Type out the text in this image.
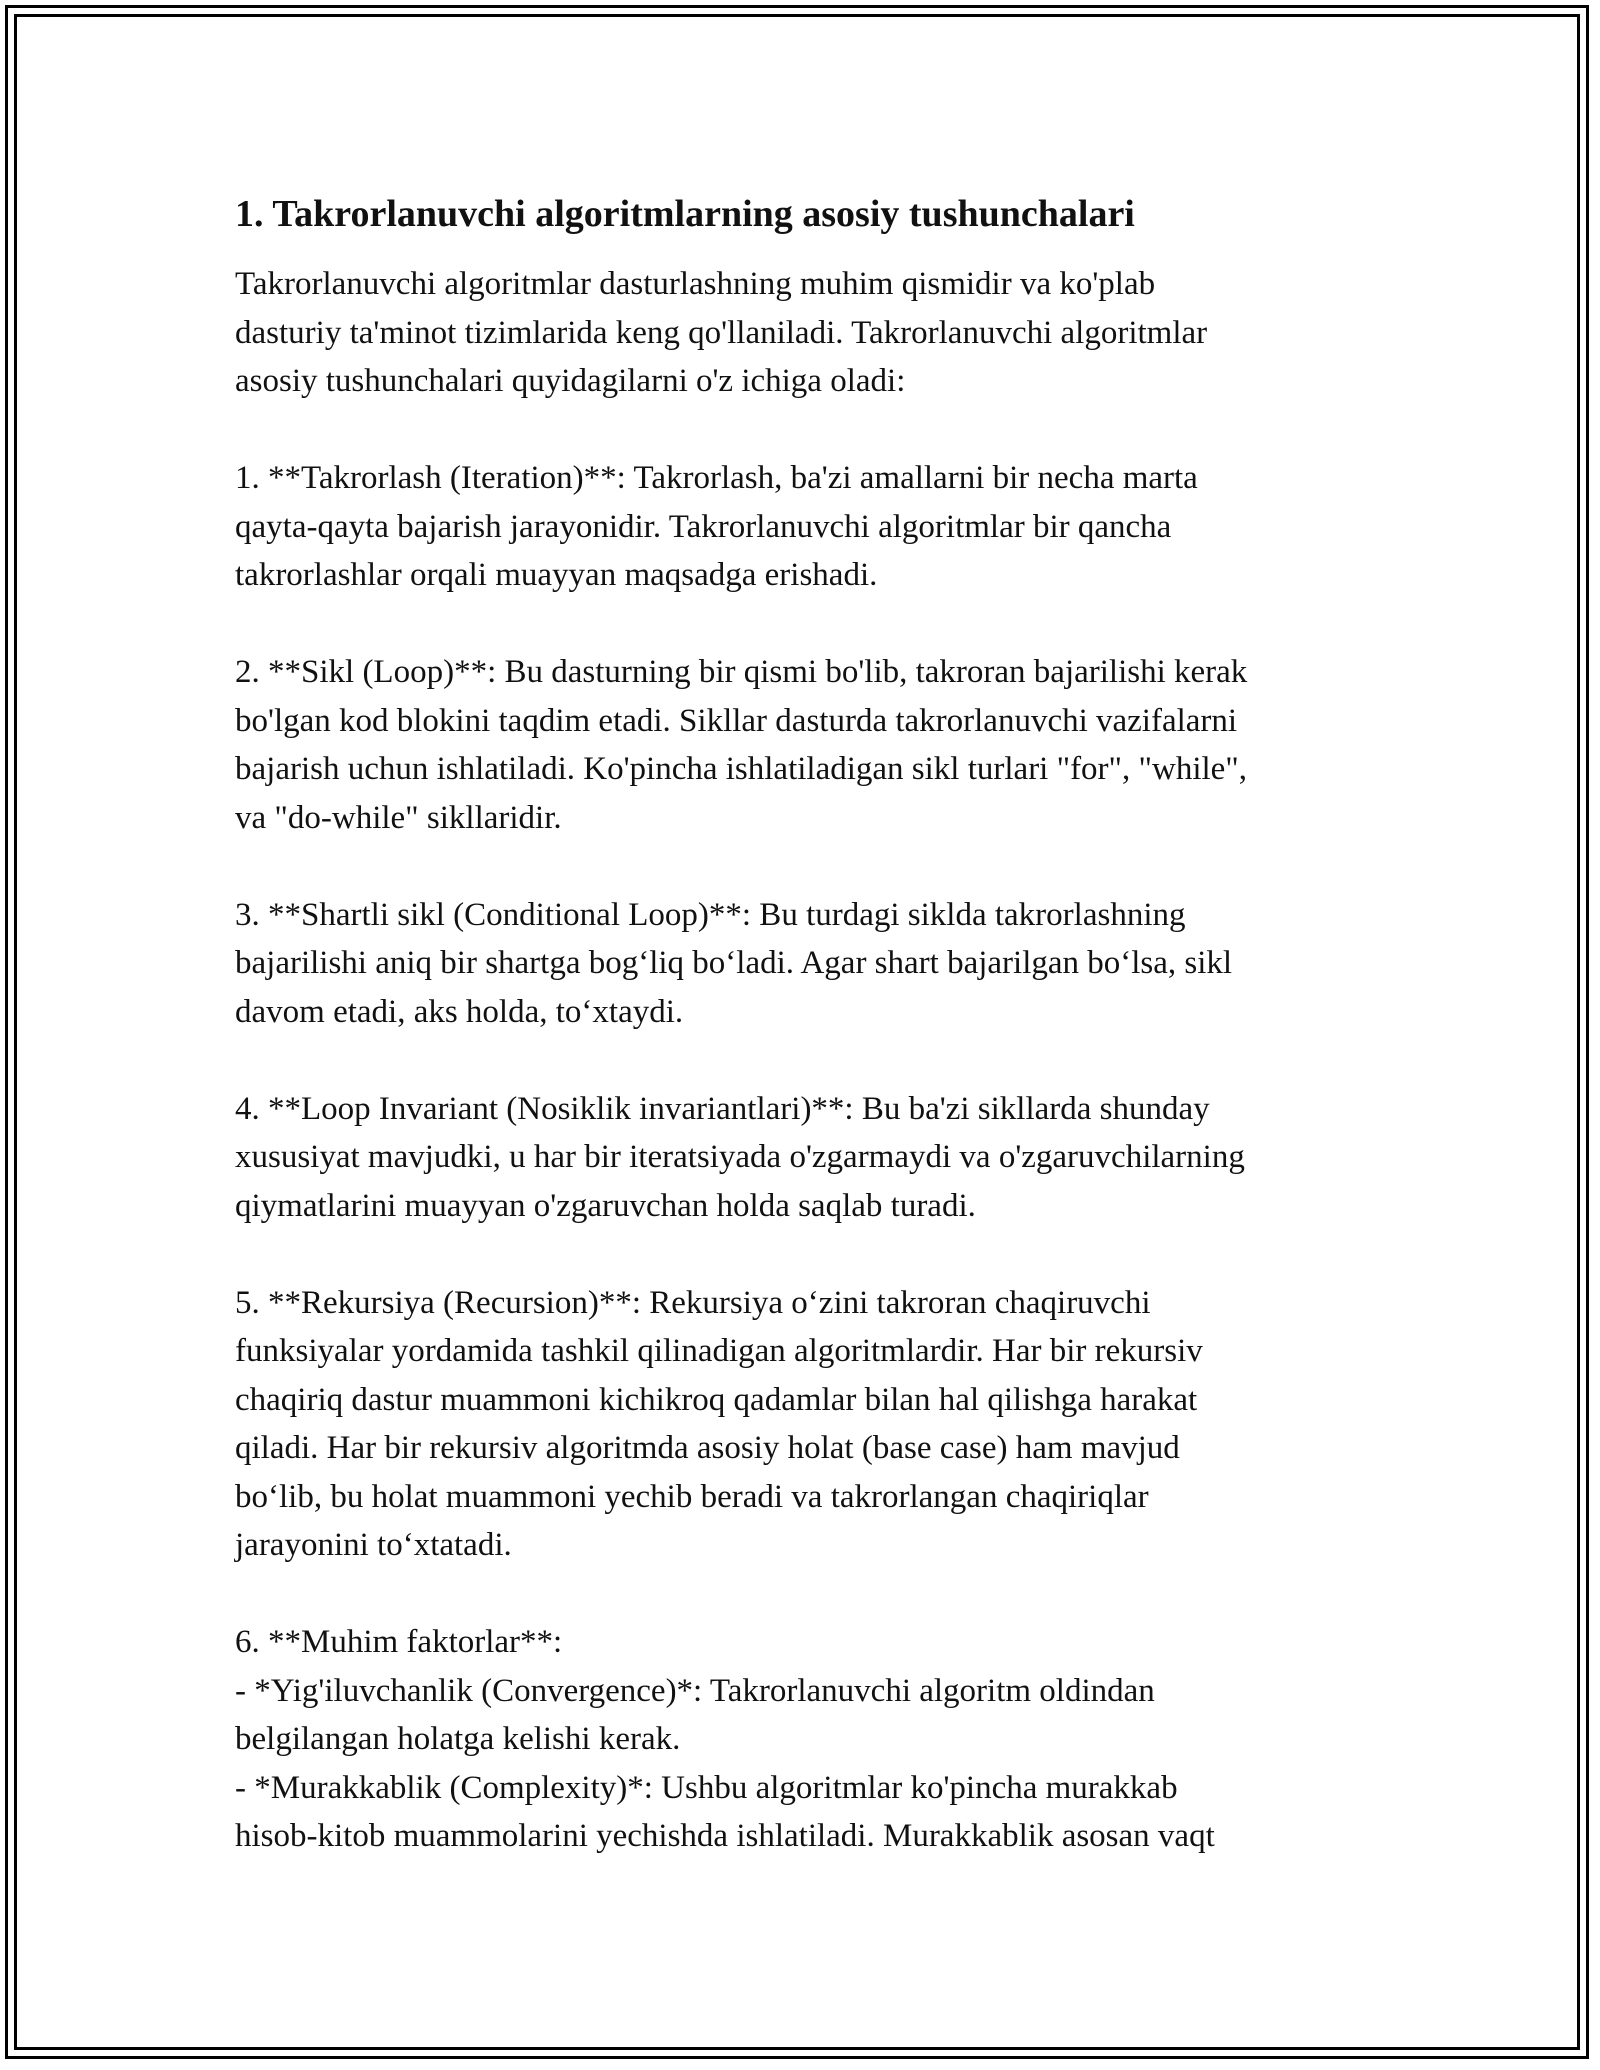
1. Takrorlanuvchi algoritmlarning asosiy tushunchalari

Takrorlanuvchi algoritmlar dasturlashning muhim qismidir va ko'plab
dasturiy ta'minot tizimlarida keng qo'llaniladi. Takrorlanuvchi algoritmlar
asosiy tushunchalari quyidagilarni o'z ichiga oladi:

1. **Takrorlash (Iteration)**: Takrorlash, ba'zi amallarni bir necha marta
qayta-qayta bajarish jarayonidir. Takrorlanuvchi algoritmlar bir qancha
takrorlashlar orqali muayyan maqsadga erishadi.

2. **Sikl (Loop)**: Bu dasturning bir qismi bo'lib, takroran bajarilishi kerak
bo'lgan kod blokini taqdim etadi. Sikllar dasturda takrorlanuvchi vazifalarni
bajarish uchun ishlatiladi. Ko'pincha ishlatiladigan sikl turlari "for", "while",
va "do-while" sikllaridir.

3. **Shartli sikl (Conditional Loop)**: Bu turdagi siklda takrorlashning
bajarilishi aniq bir shartga bog‘liq bo‘ladi. Agar shart bajarilgan bo‘lsa, sikl
davom etadi, aks holda, to‘xtaydi.

4. **Loop Invariant (Nosiklik invariantlari)**: Bu ba'zi sikllarda shunday
xususiyat mavjudki, u har bir iteratsiyada o'zgarmaydi va o'zgaruvchilarning
qiymatlarini muayyan o'zgaruvchan holda saqlab turadi.

5. **Rekursiya (Recursion)**: Rekursiya o‘zini takroran chaqiruvchi
funksiyalar yordamida tashkil qilinadigan algoritmlardir. Har bir rekursiv
chaqiriq dastur muammoni kichikroq qadamlar bilan hal qilishga harakat
qiladi. Har bir rekursiv algoritmda asosiy holat (base case) ham mavjud
bo‘lib, bu holat muammoni yechib beradi va takrorlangan chaqiriqlar
jarayonini to‘xtatadi.

6. **Muhim faktorlar**:
- *Yig'iluvchanlik (Convergence)*: Takrorlanuvchi algoritm oldindan
belgilangan holatga kelishi kerak.
- *Murakkablik (Complexity)*: Ushbu algoritmlar ko'pincha murakkab
hisob-kitob muammolarini yechishda ishlatiladi. Murakkablik asosan vaqt
